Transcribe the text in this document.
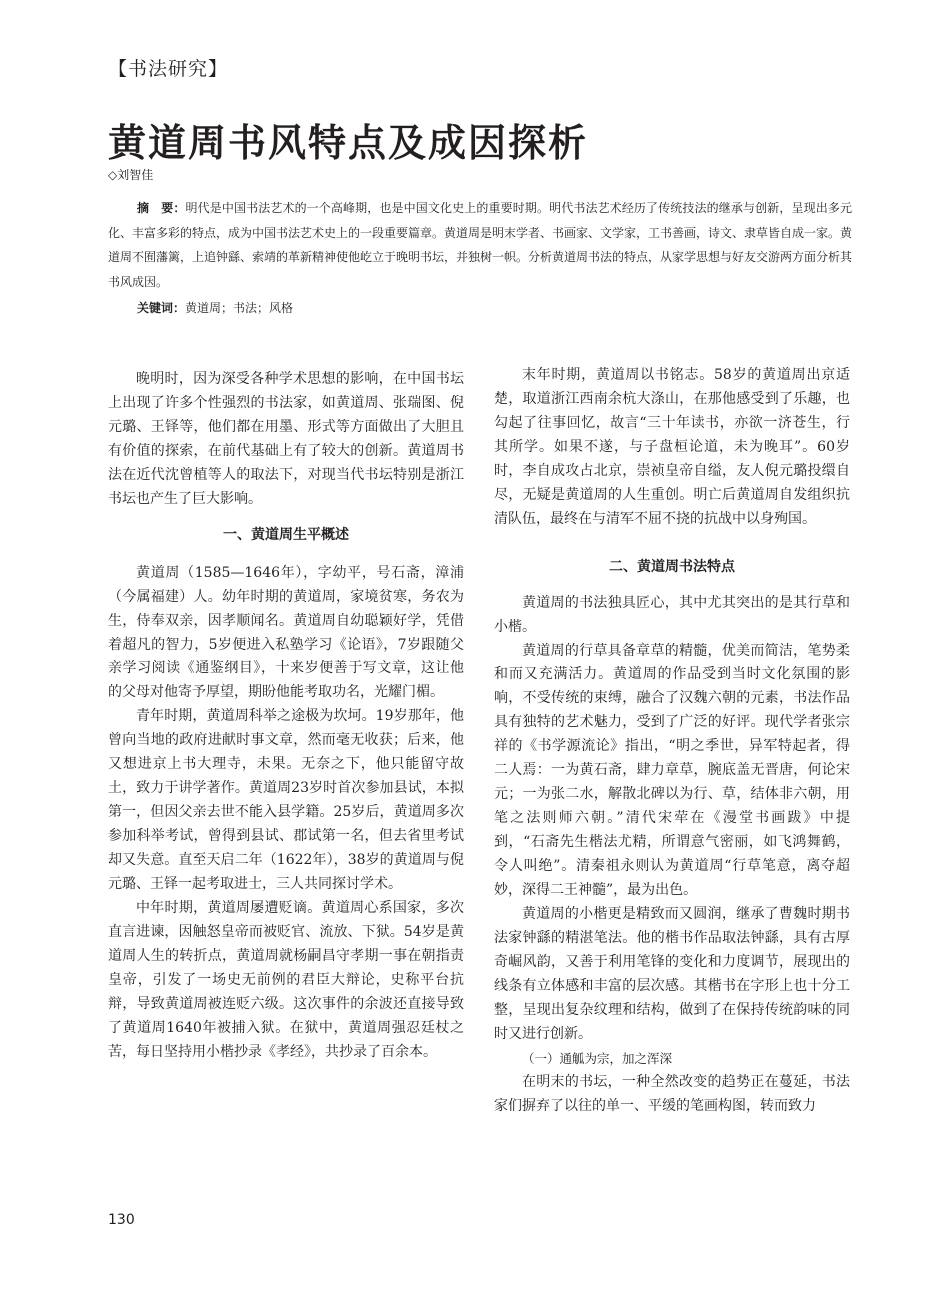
【书法研究】
黄道周书风特点及成因探析
◇刘智佳

摘　要：明代是中国书法艺术的一个高峰期，也是中国文化史上的重要时期。明代书法艺术经历了传统技法的继承与创新，呈现出多元化、丰富多彩的特点，成为中国书法艺术史上的一段重要篇章。黄道周是明末学者、书画家、文学家，工书善画，诗文、隶草皆自成一家。黄道周不囿藩篱，上追钟繇、索靖的革新精神使他屹立于晚明书坛，并独树一帜。分析黄道周书法的特点，从家学思想与好友交游两方面分析其书风成因。

关键词：黄道周；书法；风格

晚明时，因为深受各种学术思想的影响，在中国书坛上出现了许多个性强烈的书法家，如黄道周、张瑞图、倪元璐、王铎等，他们都在用墨、形式等方面做出了大胆且有价值的探索，在前代基础上有了较大的创新。黄道周书法在近代沈曾植等人的取法下，对现当代书坛特别是浙江书坛也产生了巨大影响。

一、黄道周生平概述

黄道周（1585—1646年），字幼平，号石斋，漳浦（今属福建）人。幼年时期的黄道周，家境贫寒，务农为生，侍奉双亲，因孝顺闻名。黄道周自幼聪颖好学，凭借着超凡的智力，5岁便进入私塾学习《论语》，7岁跟随父亲学习阅读《通鉴纲目》，十来岁便善于写文章，这让他的父母对他寄予厚望，期盼他能考取功名，光耀门楣。

青年时期，黄道周科举之途极为坎坷。19岁那年，他曾向当地的政府进献时事文章，然而毫无收获；后来，他又想进京上书大理寺，未果。无奈之下，他只能留守故土，致力于讲学著作。黄道周23岁时首次参加县试，本拟第一，但因父亲去世不能入县学籍。25岁后，黄道周多次参加科举考试，曾得到县试、郡试第一名，但去省里考试却又失意。直至天启二年（1622年），38岁的黄道周与倪元璐、王铎一起考取进士，三人共同探讨学术。

中年时期，黄道周屡遭贬谪。黄道周心系国家，多次直言进谏，因触怒皇帝而被贬官、流放、下狱。54岁是黄道周人生的转折点，黄道周就杨嗣昌守孝期一事在朝指责皇帝，引发了一场史无前例的君臣大辩论，史称平台抗辩，导致黄道周被连贬六级。这次事件的余波还直接导致了黄道周1640年被捕入狱。在狱中，黄道周强忍廷杖之苦，每日坚持用小楷抄录《孝经》，共抄录了百余本。

末年时期，黄道周以书铭志。58岁的黄道周出京适楚，取道浙江西南余杭大涤山，在那他感受到了乐趣，也勾起了往事回忆，故言“三十年读书，亦欲一济苍生，行其所学。如果不遂，与子盘桓论道，未为晚耳”。60岁时，李自成攻占北京，崇祯皇帝自缢，友人倪元璐投缳自尽，无疑是黄道周的人生重创。明亡后黄道周自发组织抗清队伍，最终在与清军不屈不挠的抗战中以身殉国。

二、黄道周书法特点

黄道周的书法独具匠心，其中尤其突出的是其行草和小楷。

黄道周的行草具备章草的精髓，优美而简洁，笔势柔和而又充满活力。黄道周的作品受到当时文化氛围的影响，不受传统的束缚，融合了汉魏六朝的元素，书法作品具有独特的艺术魅力，受到了广泛的好评。现代学者张宗祥的《书学源流论》指出，“明之季世，异军特起者，得二人焉：一为黄石斋，肆力章草，腕底盖无晋唐，何论宋元；一为张二水，解散北碑以为行、草，结体非六朝，用笔之法则师六朝。”清代宋荦在《漫堂书画跋》中提到，“石斋先生楷法尤精，所谓意气密丽，如飞鸿舞鹤，令人叫绝”。清秦祖永则认为黄道周“行草笔意，离夺超妙，深得二王神髓”，最为出色。

黄道周的小楷更是精致而又圆润，继承了曹魏时期书法家钟繇的精湛笔法。他的楷书作品取法钟繇，具有古厚奇崛风韵，又善于利用笔锋的变化和力度调节，展现出的线条有立体感和丰富的层次感。其楷书在字形上也十分工整，呈现出复杂纹理和结构，做到了在保持传统韵味的同时又进行创新。

（一）通觚为宗，加之浑深

在明末的书坛，一种全然改变的趋势正在蔓延，书法家们摒弃了以往的单一、平缓的笔画构图，转而致力

130
